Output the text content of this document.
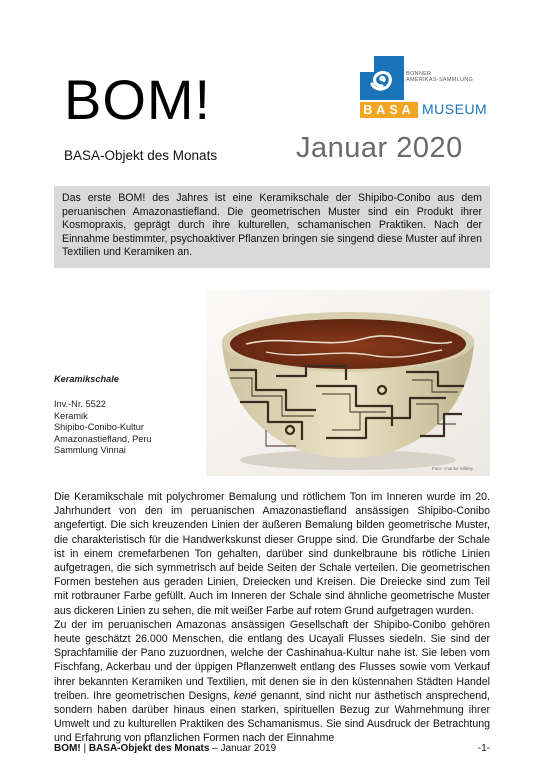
BOM!
BASA-Objekt des Monats	Januar 2020
BONNER
AMERIKAS-SAMMLUNG
BASA MUSEUM
Das erste BOM! des Jahres ist eine Keramikschale der Shipibo-Conibo aus dem peruanischen Amazonastiefland. Die geometrischen Muster sind ein Produkt ihrer Kosmopraxis, geprägt durch ihre kulturellen, schamanischen Praktiken. Nach der Einnahme bestimmter, psychoaktiver Pflanzen bringen sie singend diese Muster auf ihren Textilien und Keramiken an.
Foto: Ananke Silbley
Keramikschale
Inv.-Nr. 5522
Keramik
Shipibo-Conibo-Kultur
Amazonastiefland, Peru
Sammlung Vinnai

Die Keramikschale mit polychromer Bemalung und rötlichem Ton im Inneren wurde im 20. Jahrhundert von den im peruanischen Amazonastiefland ansässigen Shipibo-Conibo angefertigt. Die sich kreuzenden Linien der äußeren Bemalung bilden geometrische Muster, die charakteristisch für die Handwerkskunst dieser Gruppe sind. Die Grundfarbe der Schale ist in einem cremefarbenen Ton gehalten, darüber sind dunkelbraune bis rötliche Linien aufgetragen, die sich symmetrisch auf beide Seiten der Schale verteilen. Die geometrischen Formen bestehen aus geraden Linien, Dreiecken und Kreisen. Die Dreiecke sind zum Teil mit rotbrauner Farbe gefüllt. Auch im Inneren der Schale sind ähnliche geometrische Muster aus dickeren Linien zu sehen, die mit weißer Farbe auf rotem Grund aufgetragen wurden.

Zu der im peruanischen Amazonas ansässigen Gesellschaft der Shipibo-Conibo gehören heute geschätzt 26.000 Menschen, die entlang des Ucayali Flusses siedeln. Sie sind der Sprachfamilie der Pano zuzuordnen, welche der Cashinahua-Kultur nahe ist. Sie leben vom Fischfang, Ackerbau und der üppigen Pflanzenwelt entlang des Flusses sowie vom Verkauf ihrer bekannten Keramiken und Textilien, mit denen sie in den küstennahen Städten Handel treiben. Ihre geometrischen Designs, kené genannt, sind nicht nur ästhetisch ansprechend, sondern haben darüber hinaus einen starken, spirituellen Bezug zur Wahrnehmung ihrer Umwelt und zu kulturellen Praktiken des Schamanismus. Sie sind Ausdruck der Betrachtung und Erfahrung von pflanzlichen Formen nach der Einnahme

BOM! | BASA-Objekt des Monats – Januar 2019	-1-
